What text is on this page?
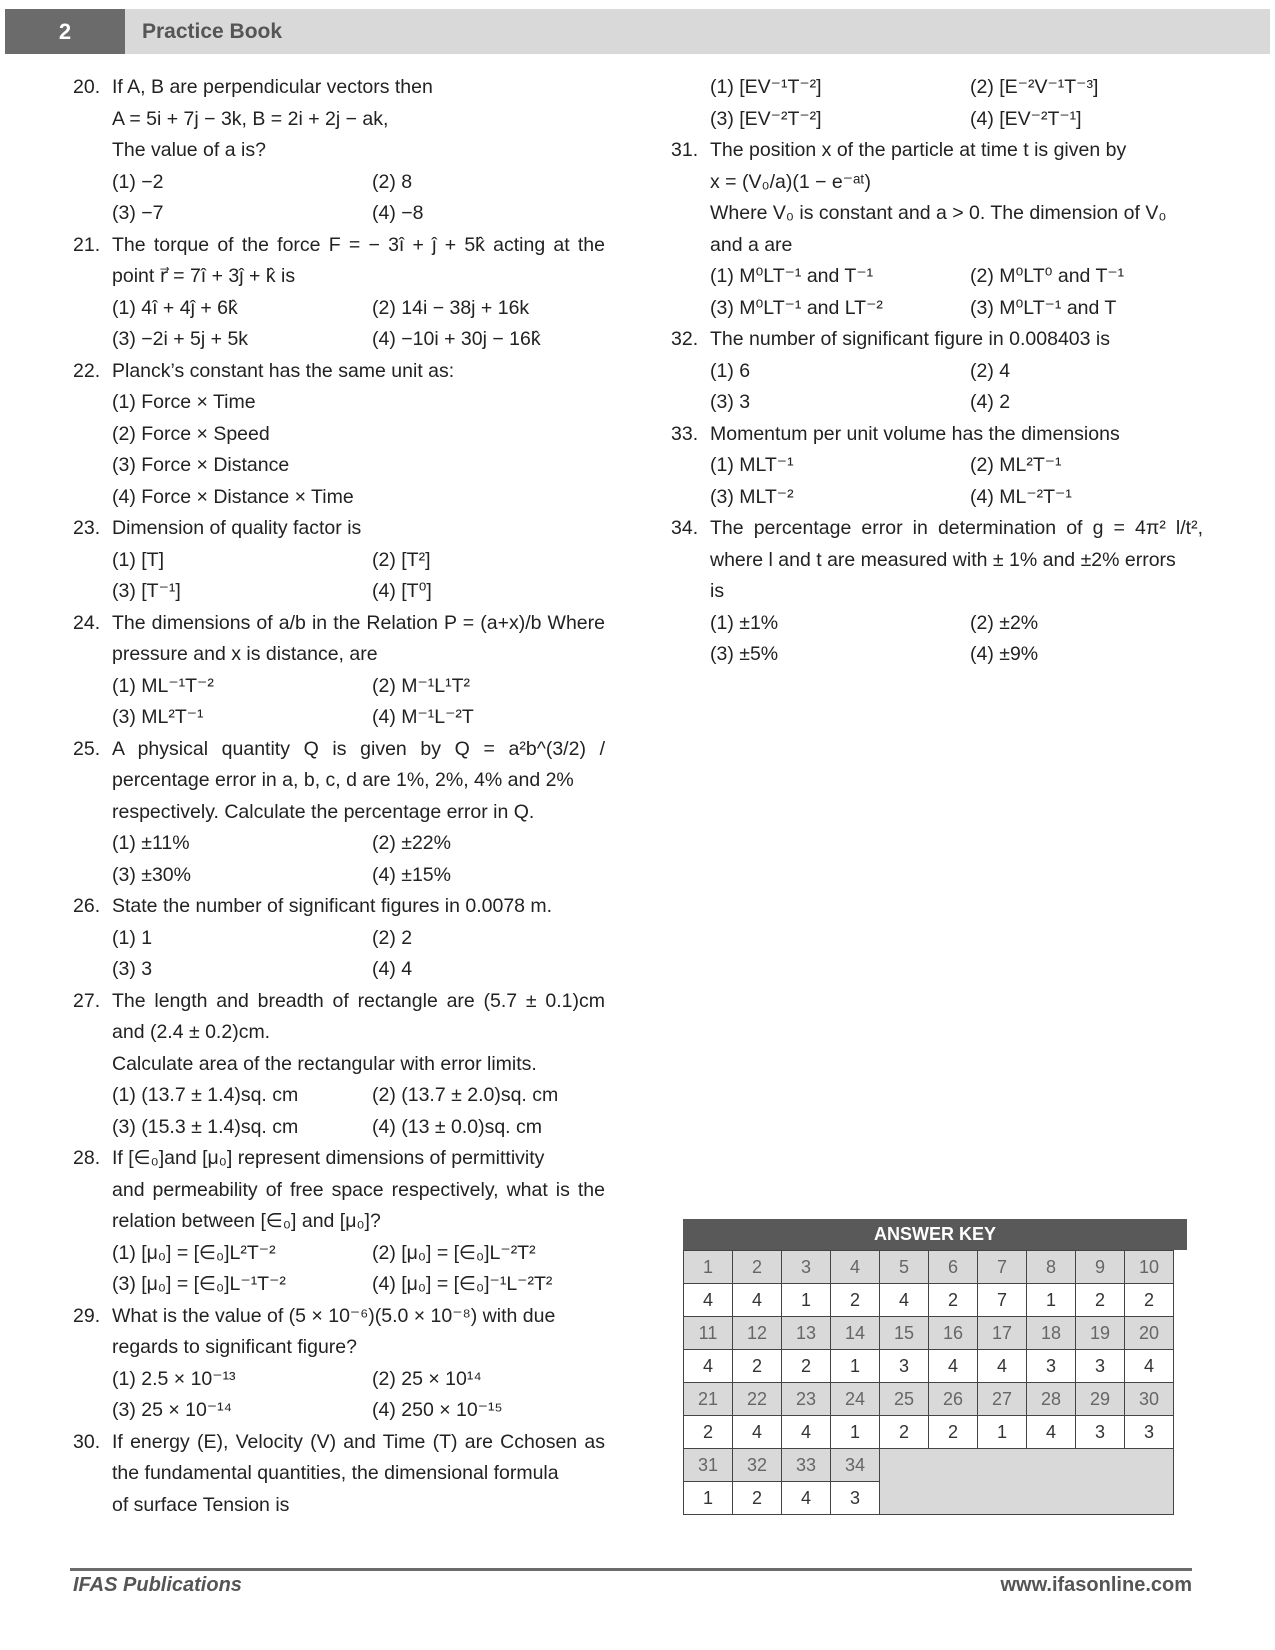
2	Practice Book
20. If A, B are perpendicular vectors then
A = 5i + 7j − 3k, B = 2i + 2j − ak,
The value of a is?
(1) −2	(2) 8
(3) −7	(4) −8
21. The torque of the force F = − 3î + ĵ + 5k̂ acting at the
point r⃗ = 7î + 3ĵ + k̂ is
(1) 4î + 4ĵ + 6k̂	(2) 14i − 38j + 16k
(3) −2i + 5j + 5k	(4) −10i + 30j − 16k̂
22. Planck’s constant has the same unit as:
(1) Force × Time
(2) Force × Speed
(3) Force × Distance
(4) Force × Distance × Time
23. Dimension of quality factor is
(1) [T]	(2) [T²]
(3) [T⁻¹]	(4) [T⁰]
24. The dimensions of a/b in the Relation P = (a+x)/b Where
pressure and x is distance, are
(1) ML⁻¹T⁻²	(2) M⁻¹L¹T²
(3) ML²T⁻¹	(4) M⁻¹L⁻²T
25. A physical quantity Q is given by Q = a²b^(3/2) /
percentage error in a, b, c, d are 1%, 2%, 4% and 2%
respectively. Calculate the percentage error in Q.
(1) ±11%	(2) ±22%
(3) ±30%	(4) ±15%
26. State the number of significant figures in 0.0078 m.
(1) 1	(2) 2
(3) 3	(4) 4
27. The length and breadth of rectangle are (5.7 ± 0.1)cm
and (2.4 ± 0.2)cm.
Calculate area of the rectangular with error limits.
(1) (13.7 ± 1.4)sq. cm	(2) (13.7 ± 2.0)sq. cm
(3) (15.3 ± 1.4)sq. cm	(4) (13 ± 0.0)sq. cm
28. If [∈₀]and [μ₀] represent dimensions of permittivity
and permeability of free space respectively, what is the
relation between [∈₀] and [μ₀]?
(1) [μ₀] = [∈₀]L²T⁻²	(2) [μ₀] = [∈₀]L⁻²T²
(3) [μ₀] = [∈₀]L⁻¹T⁻²	(4) [μ₀] = [∈₀]⁻¹L⁻²T²
29. What is the value of (5 × 10⁻⁶)(5.0 × 10⁻⁸) with due
regards to significant figure?
(1) 2.5 × 10⁻¹³	(2) 25 × 10¹⁴
(3) 25 × 10⁻¹⁴	(4) 250 × 10⁻¹⁵
30. If energy (E), Velocity (V) and Time (T) are Cchosen as
the fundamental quantities, the dimensional formula
of surface Tension is
(1) [EV⁻¹T⁻²]	(2) [E⁻²V⁻¹T⁻³]
(3) [EV⁻²T⁻²]	(4) [EV⁻²T⁻¹]
31. The position x of the particle at time t is given by
x = (V₀/a)(1 − e⁻ᵃᵗ)
Where V₀ is constant and a > 0. The dimension of V₀
and a are
(1) M⁰LT⁻¹ and T⁻¹	(2) M⁰LT⁰ and T⁻¹
(3) M⁰LT⁻¹ and LT⁻²	(3) M⁰LT⁻¹ and T
32. The number of significant figure in 0.008403 is
(1) 6	(2) 4
(3) 3	(4) 2
33. Momentum per unit volume has the dimensions
(1) MLT⁻¹	(2) ML²T⁻¹
(3) MLT⁻²	(4) ML⁻²T⁻¹
34. The percentage error in determination of g = 4π² l/t²,
where l and t are measured with ± 1% and ±2% errors
is
(1) ±1%	(2) ±2%
(3) ±5%	(4) ±9%
ANSWER KEY
1	2	3	4	5	6	7	8	9	10
4	4	1	2	4	2	7	1	2	2
11	12	13	14	15	16	17	18	19	20
4	2	2	1	3	4	4	3	3	4
21	22	23	24	25	26	27	28	29	30
2	4	4	1	2	2	1	4	3	3
31	32	33	34						
1	2	4	3						
IFAS Publications	www.ifasonline.com
